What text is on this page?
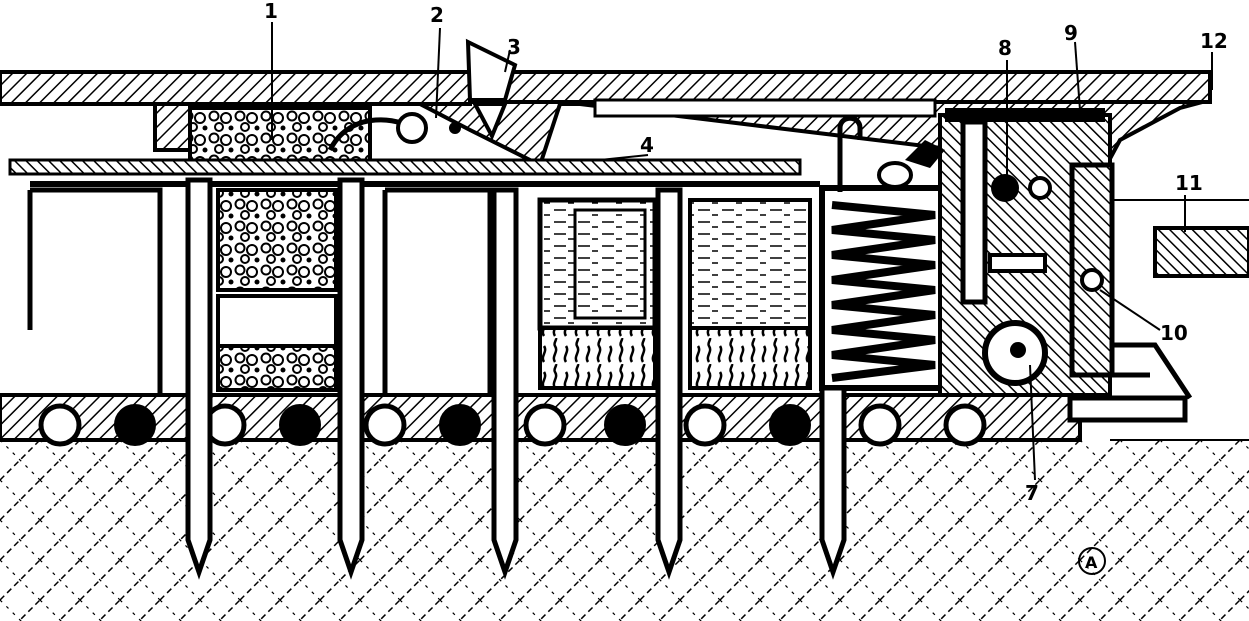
1	2
3
4
7
8
9
10
11
12
A
